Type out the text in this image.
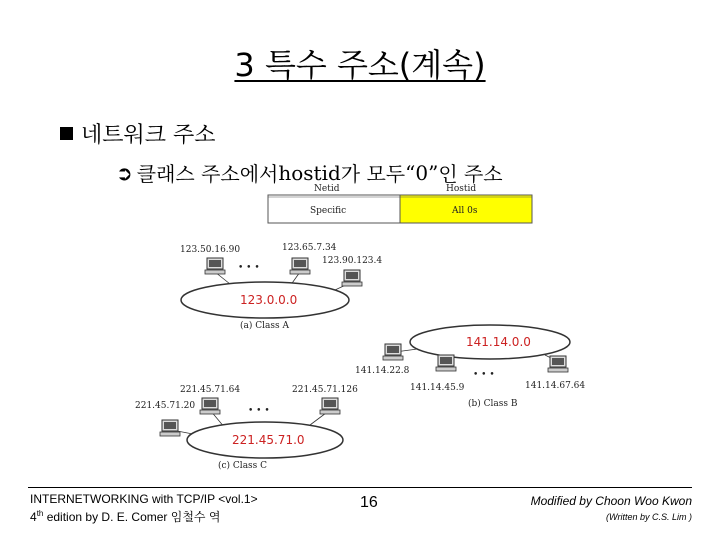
3 특수 주소(계속)
네트워크 주소
➲ 클래스 주소에서 hostid 가 모두 “0” 인 주소
Netid	Hostid
Specific	All 0s
• • •
123.50.16.90	123.65.7.34
123.90.123.4
123.0.0.0
(a) Class A
• • •
141.14.22.8
141.14.45.9	141.14.67.64
141.14.0.0
(b) Class B
• • •
221.45.71.64	221.45.71.126
221.45.71.20
221.45.71.0
(c) Class C
INTERNETWORKING with TCP/IP <vol.1>
4th edition by D. E. Comer 임철수 역
16	Modified by Choon Woo Kwon
(Written by C.S. Lim )
